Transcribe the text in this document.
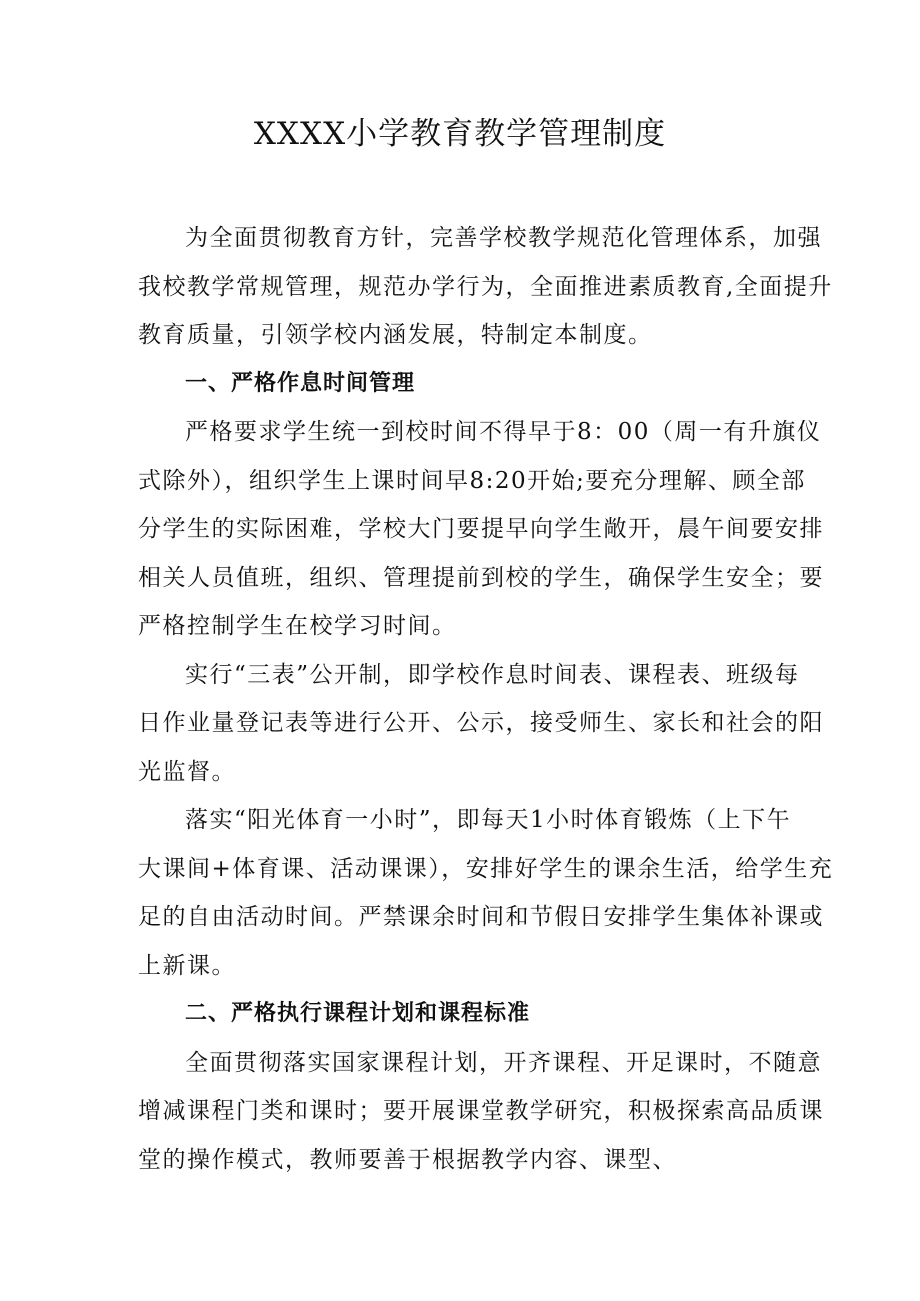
XXXX小学教育教学管理制度

为全面贯彻教育方针，完善学校教学规范化管理体系，加强
我校教学常规管理，规范办学行为，全面推进素质教育,全面提升
教育质量，引领学校内涵发展，特制定本制度。

一、严格作息时间管理

严格要求学生统一到校时间不得早于8：00（周一有升旗仪
式除外），组织学生上课时间早8:20开始;要充分理解、顾全部
分学生的实际困难，学校大门要提早向学生敞开，晨午间要安排
相关人员值班，组织、管理提前到校的学生，确保学生安全；要
严格控制学生在校学习时间。

实行“三表”公开制，即学校作息时间表、课程表、班级每
日作业量登记表等进行公开、公示，接受师生、家长和社会的阳
光监督。

落实“阳光体育一小时”，即每天1小时体育锻炼（上下午
大课间+体育课、活动课课），安排好学生的课余生活，给学生充
足的自由活动时间。严禁课余时间和节假日安排学生集体补课或
上新课。

二、严格执行课程计划和课程标准

全面贯彻落实国家课程计划，开齐课程、开足课时，不随意
增减课程门类和课时；要开展课堂教学研究，积极探索高品质课
堂的操作模式，教师要善于根据教学内容、课型、
